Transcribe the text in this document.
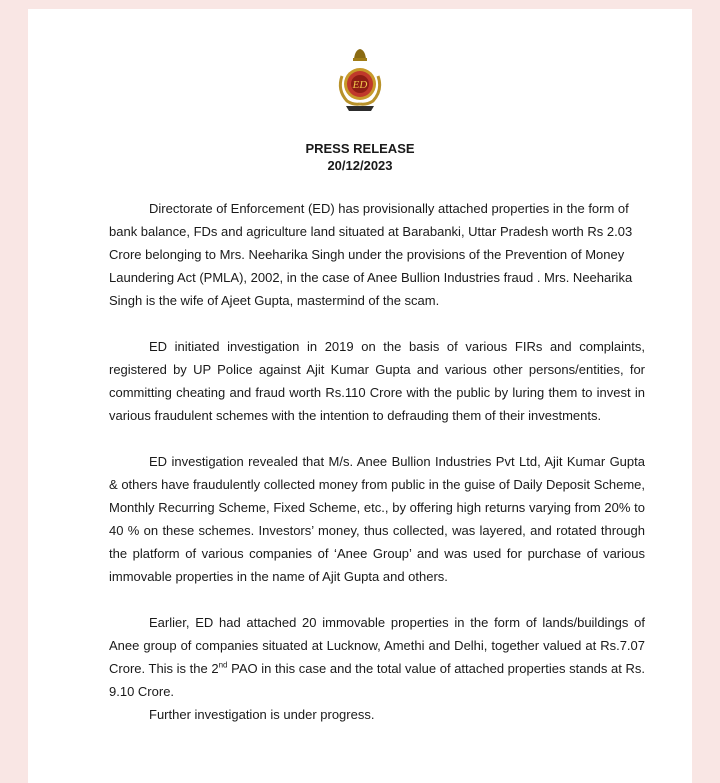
ED
PRESS RELEASE
20/12/2023

Directorate of Enforcement (ED) has provisionally attached properties in the form of bank balance, FDs and agriculture land situated at Barabanki, Uttar Pradesh worth Rs 2.03 Crore belonging to Mrs. Neeharika Singh under the provisions of the Prevention of Money Laundering Act (PMLA), 2002, in the case of Anee Bullion Industries fraud . Mrs. Neeharika Singh is the wife of Ajeet Gupta, mastermind of the scam.

ED initiated investigation in 2019 on the basis of various FIRs and complaints, registered by UP Police against Ajit Kumar Gupta and various other persons/entities, for committing cheating and fraud worth Rs.110 Crore with the public by luring them to invest in various fraudulent schemes with the intention to defrauding them of their investments.

ED investigation revealed that M/s. Anee Bullion Industries Pvt Ltd, Ajit Kumar Gupta & others have fraudulently collected money from public in the guise of Daily Deposit Scheme, Monthly Recurring Scheme, Fixed Scheme, etc., by offering high returns varying from 20% to 40 % on these schemes. Investors’ money, thus collected, was layered, and rotated through the platform of various companies of ‘Anee Group’ and was used for purchase of various immovable properties in the name of Ajit Gupta and others.

Earlier, ED had attached 20 immovable properties in the form of lands/buildings of Anee group of companies situated at Lucknow, Amethi and Delhi, together valued at Rs.7.07 Crore. This is the 2nd PAO in this case and the total value of attached properties stands at Rs. 9.10 Crore.

Further investigation is under progress.
